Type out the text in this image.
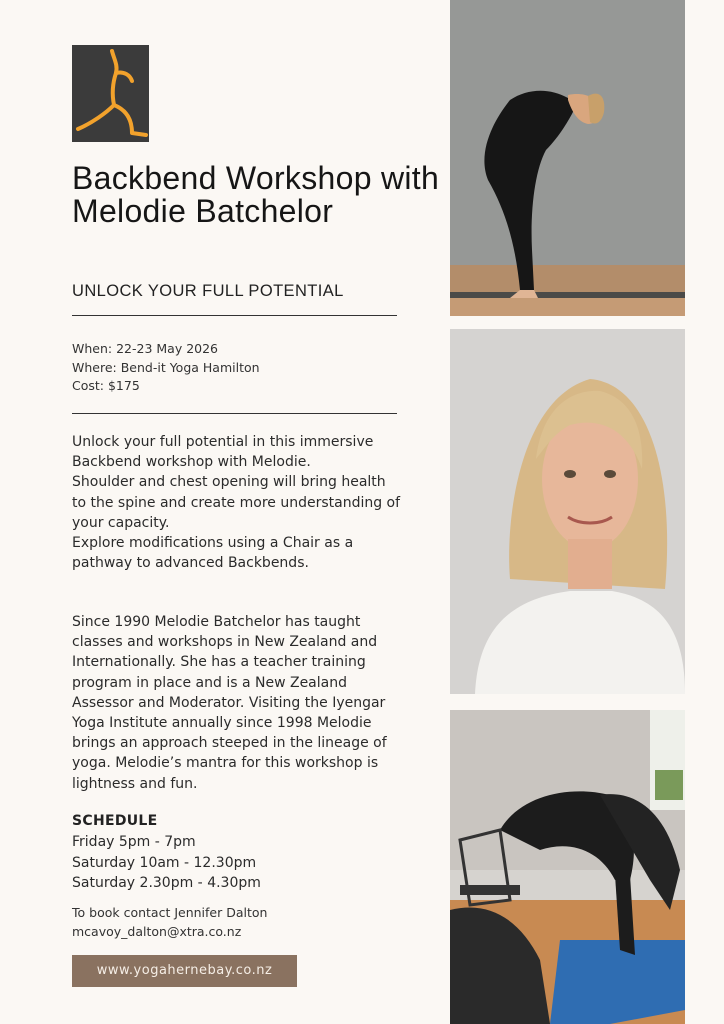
Backbend Workshop with Melodie Batchelor
UNLOCK YOUR FULL POTENTIAL
When: 22-23 May 2026
Where: Bend-it Yoga Hamilton
Cost: $175
Unlock your full potential in this immersive Backbend workshop with Melodie.
Shoulder and chest opening will bring health to the spine and create more understanding of your capacity.
Explore modifications using a Chair as a pathway to advanced Backbends.
Since 1990 Melodie Batchelor has taught classes and workshops in New Zealand and Internationally. She has a teacher training program in place and is a New Zealand Assessor and Moderator. Visiting the Iyengar Yoga Institute annually since 1998 Melodie brings an approach steeped in the lineage of yoga. Melodie’s mantra for this workshop is lightness and fun.
SCHEDULE
Friday 5pm - 7pm
Saturday 10am - 12.30pm
Saturday 2.30pm - 4.30pm
To book contact Jennifer Dalton
mcavoy_dalton@xtra.co.nz
www.yogahernebay.co.nz
